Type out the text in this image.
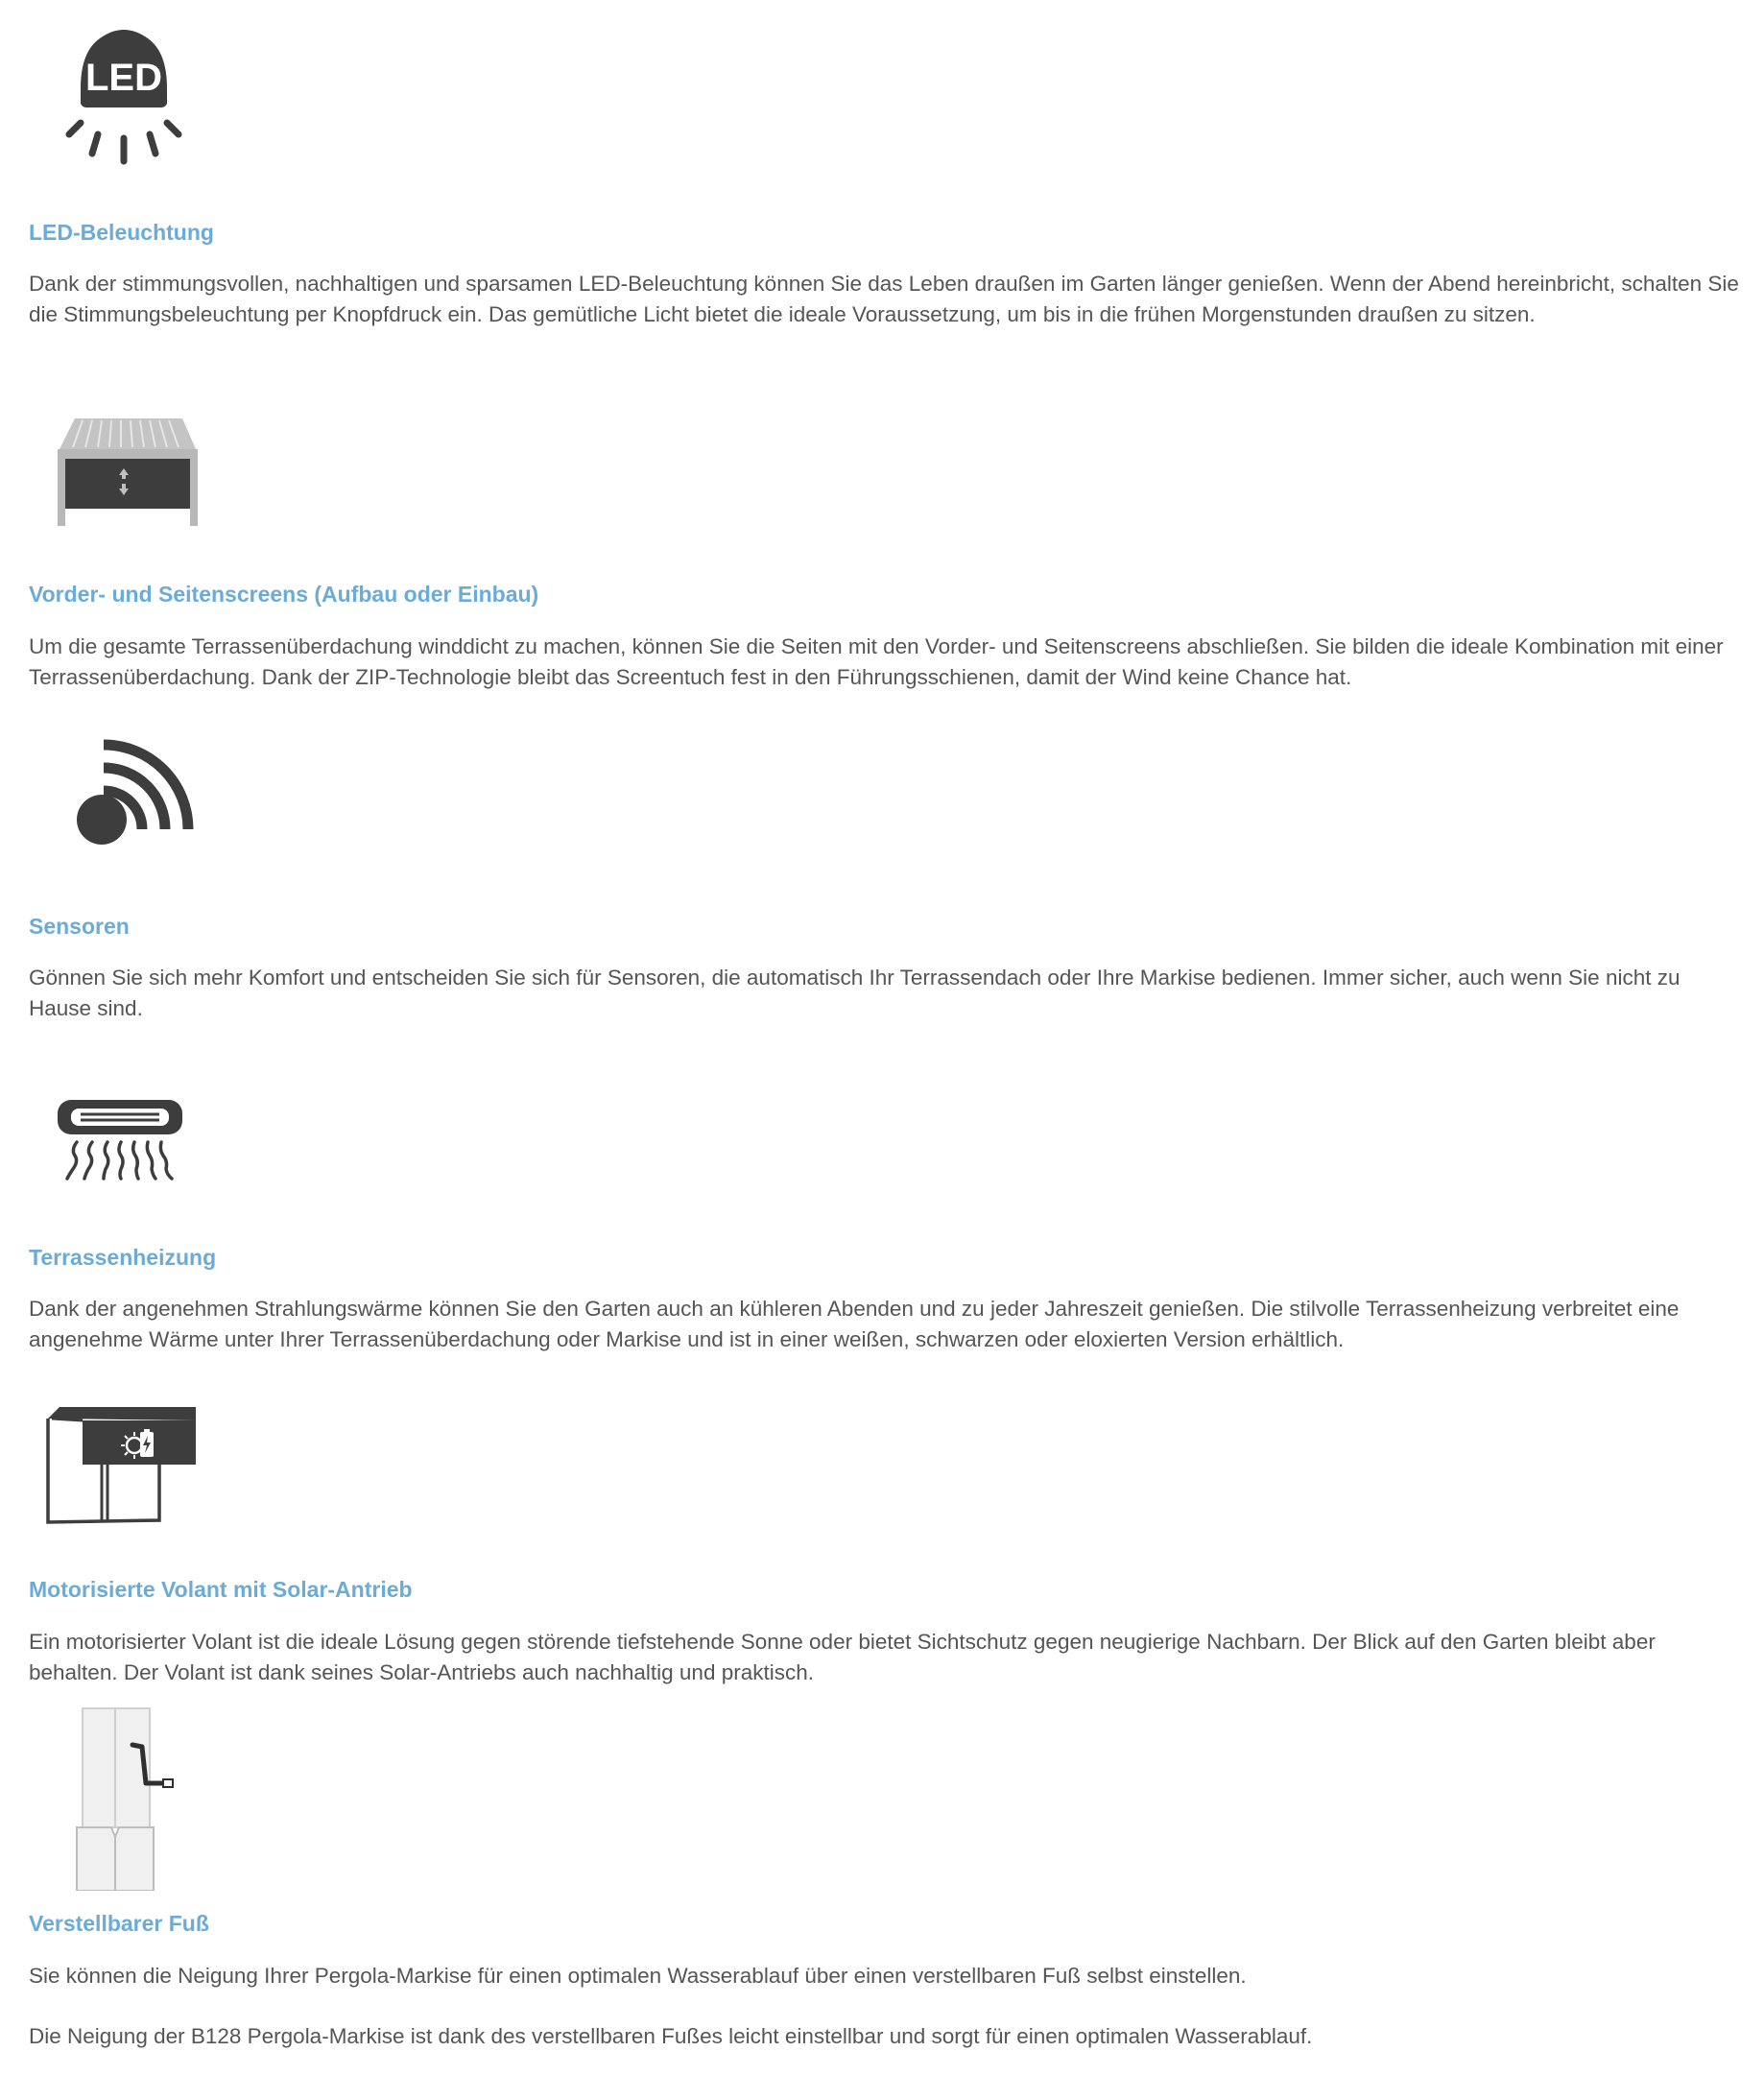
LED
LED-Beleuchtung

Dank der stimmungsvollen, nachhaltigen und sparsamen LED-Beleuchtung können Sie das Leben draußen im Garten länger genießen. Wenn der Abend hereinbricht, schalten Sie die Stimmungsbeleuchtung per Knopfdruck ein. Das gemütliche Licht bietet die ideale Voraussetzung, um bis in die frühen Morgenstunden draußen zu sitzen.

Vorder- und Seitenscreens (Aufbau oder Einbau)

Um die gesamte Terrassenüberdachung winddicht zu machen, können Sie die Seiten mit den Vorder- und Seitenscreens abschließen. Sie bilden die ideale Kombination mit einer Terrassenüberdachung. Dank der ZIP-Technologie bleibt das Screentuch fest in den Führungsschienen, damit der Wind keine Chance hat.

Sensoren

Gönnen Sie sich mehr Komfort und entscheiden Sie sich für Sensoren, die automatisch Ihr Terrassendach oder Ihre Markise bedienen. Immer sicher, auch wenn Sie nicht zu Hause sind.

Terrassenheizung

Dank der angenehmen Strahlungswärme können Sie den Garten auch an kühleren Abenden und zu jeder Jahreszeit genießen. Die stilvolle Terrassenheizung verbreitet eine angenehme Wärme unter Ihrer Terrassenüberdachung oder Markise und ist in einer weißen, schwarzen oder eloxierten Version erhältlich.

Motorisierte Volant mit Solar-Antrieb

Ein motorisierter Volant ist die ideale Lösung gegen störende tiefstehende Sonne oder bietet Sichtschutz gegen neugierige Nachbarn. Der Blick auf den Garten bleibt aber behalten. Der Volant ist dank seines Solar-Antriebs auch nachhaltig und praktisch.

Verstellbarer Fuß

Sie können die Neigung Ihrer Pergola-Markise für einen optimalen Wasserablauf über einen verstellbaren Fuß selbst einstellen.

Die Neigung der B128 Pergola-Markise ist dank des verstellbaren Fußes leicht einstellbar und sorgt für einen optimalen Wasserablauf.
